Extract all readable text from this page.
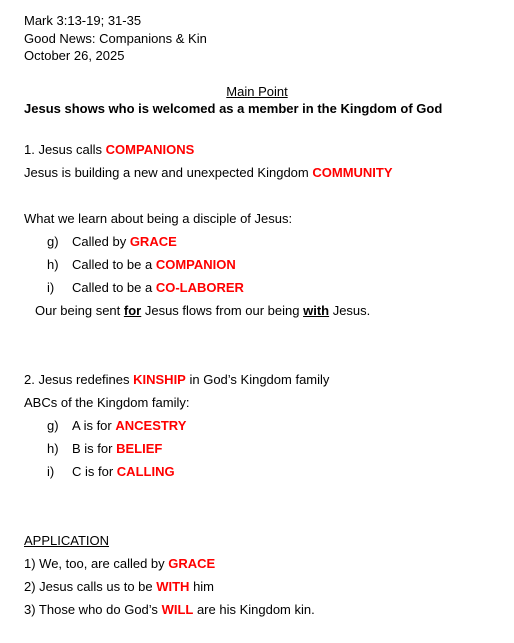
Mark 3:13-19; 31-35
Good News: Companions & Kin
October 26, 2025
Main Point
Jesus shows who is welcomed as a member in the Kingdom of God
1. Jesus calls COMPANIONS
Jesus is building a new and unexpected Kingdom COMMUNITY
What we learn about being a disciple of Jesus:
g) Called by GRACE
h) Called to be a COMPANION
i) Called to be a CO-LABORER
Our being sent for Jesus flows from our being with Jesus.
2. Jesus redefines KINSHIP in God’s Kingdom family
ABCs of the Kingdom family:
g) A is for ANCESTRY
h) B is for BELIEF
i) C is for CALLING
APPLICATION
1) We, too, are called by GRACE
2) Jesus calls us to be WITH him
3) Those who do God’s WILL are his Kingdom kin.
